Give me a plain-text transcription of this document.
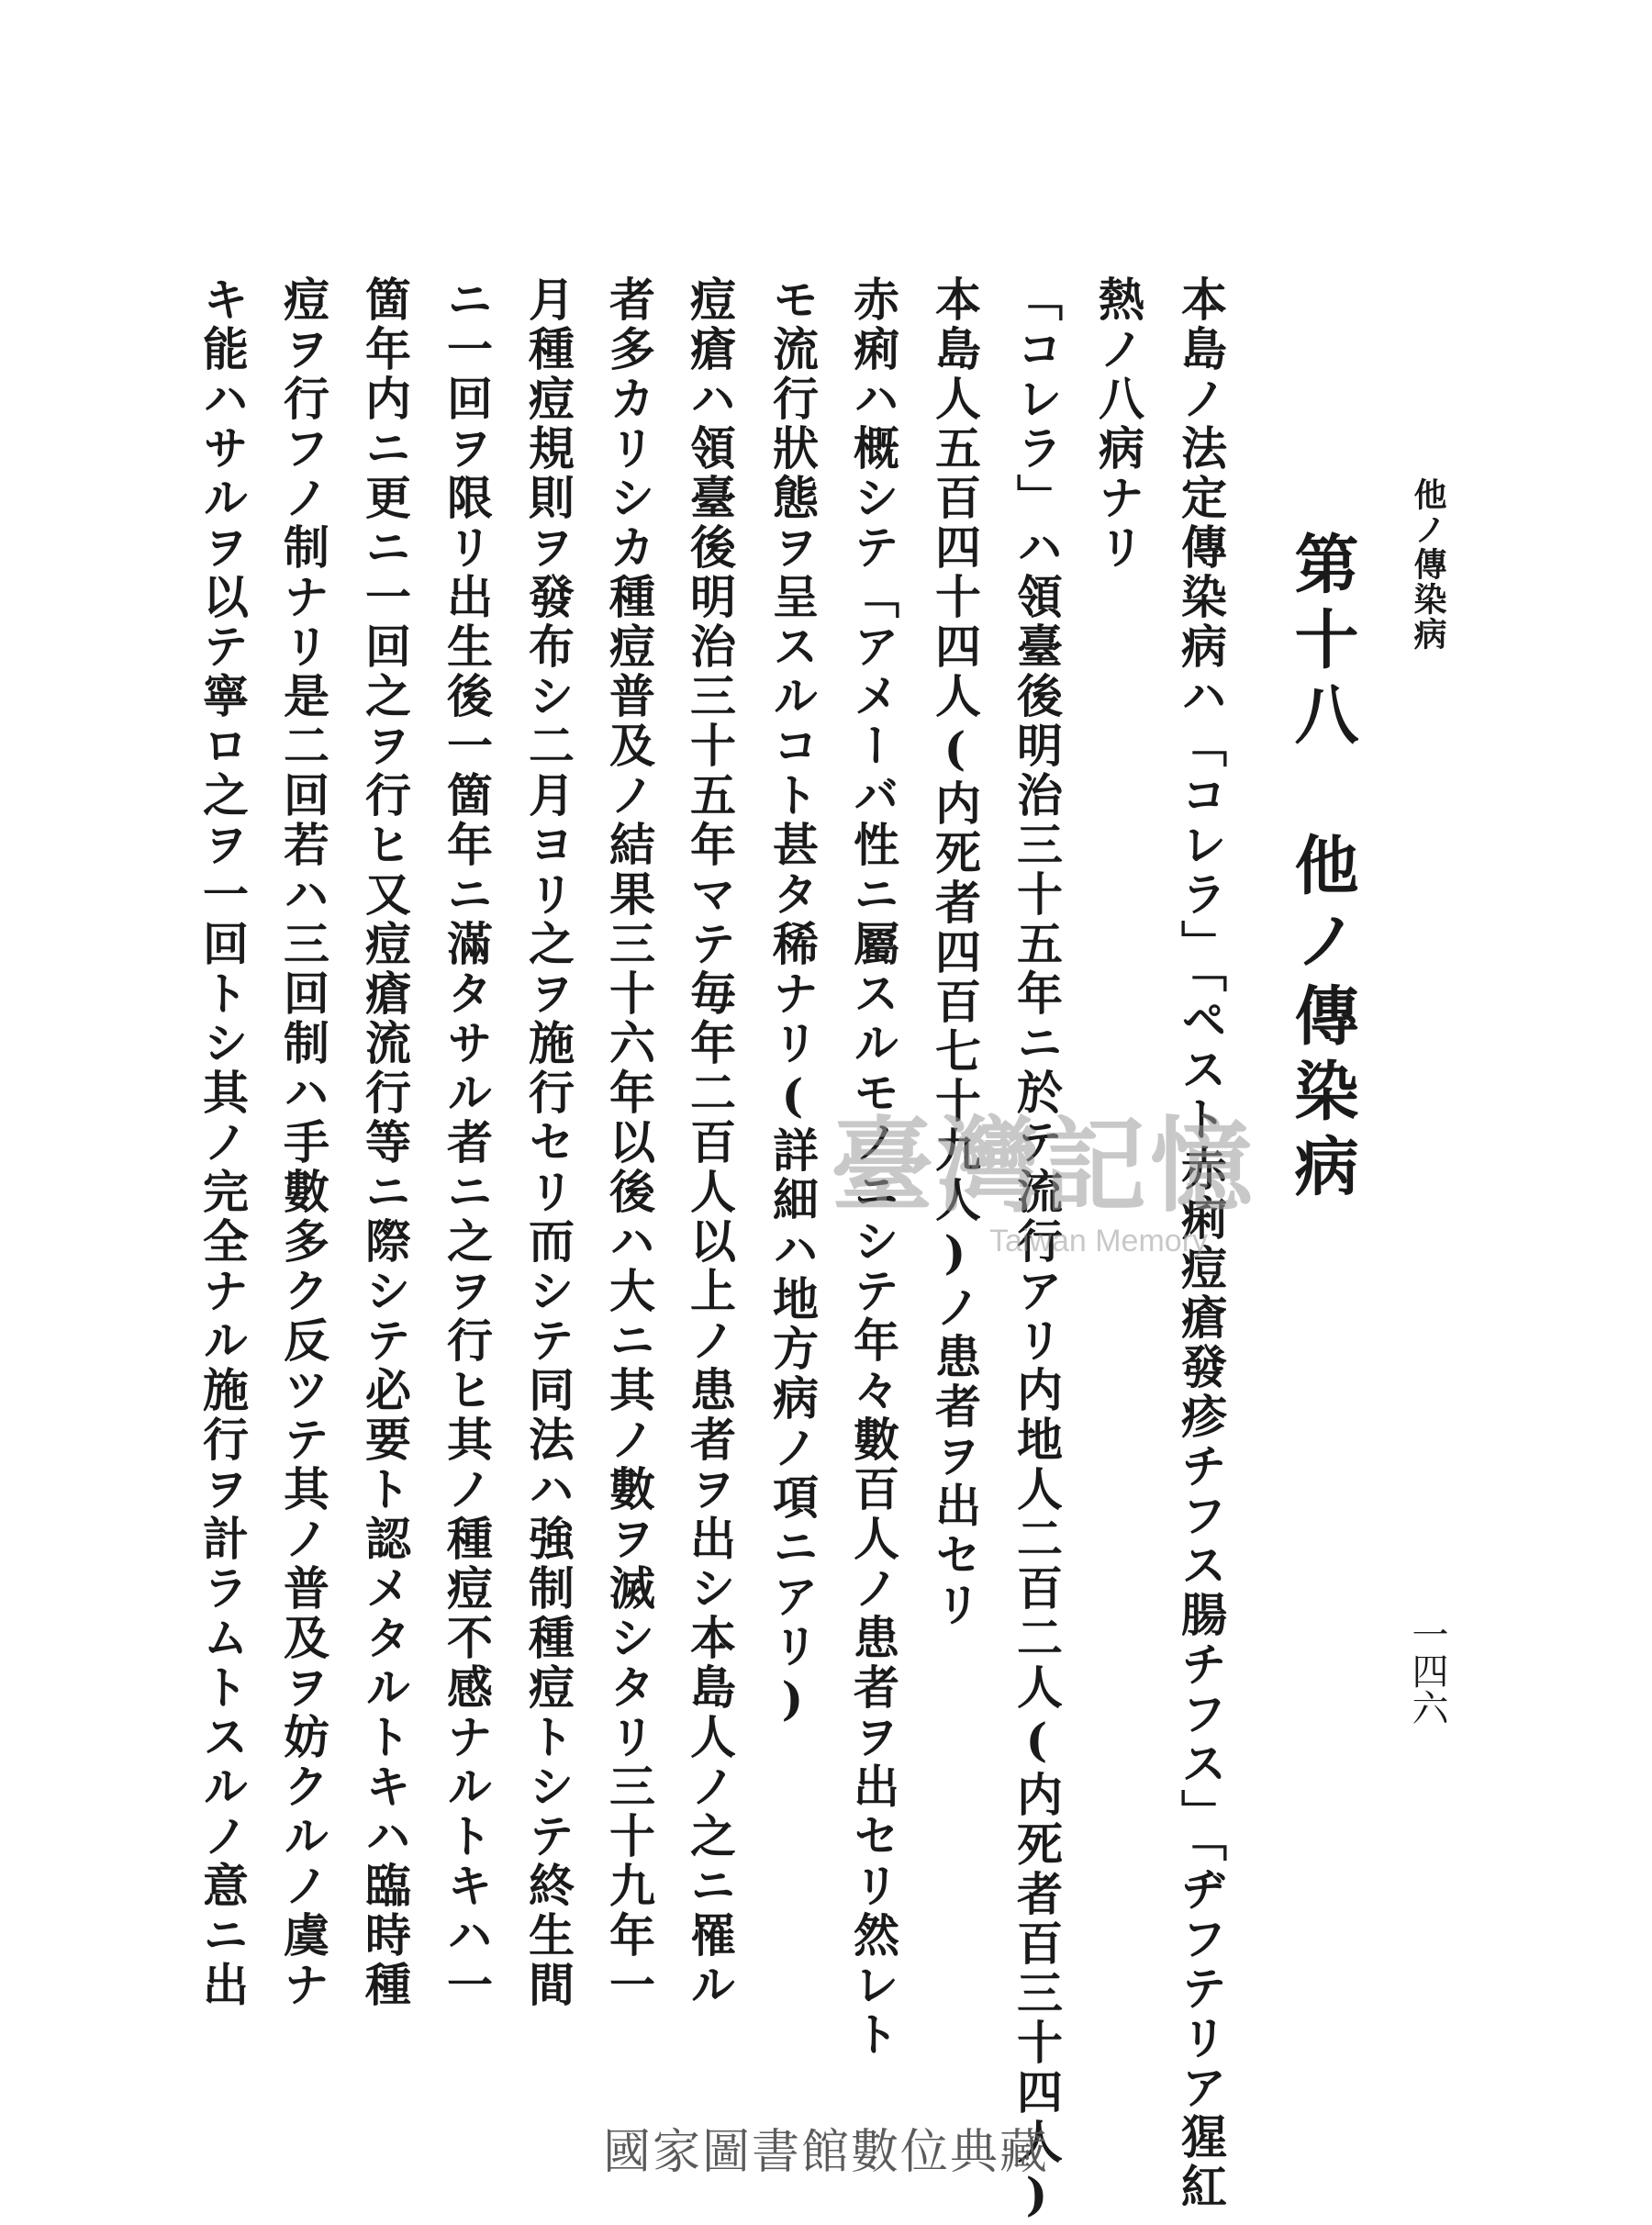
他ノ傳染病
一四六
第十八　他ノ傳染病
本島ノ法定傳染病ハ「コレラ」「ペスト赤痢痘瘡發疹チフス腸チフス」「ヂフテリア猩紅
熱ノ八病ナリ
「コレラ」ハ領臺後明治三十五年ニ於テ流行アリ内地人二百二人(内死者百三十四人)
本島人五百四十四人(内死者四百七十九人)ノ患者ヲ出セリ
赤痢ハ概シテ「アメーバ性ニ屬スルモノニシテ年々數百人ノ患者ヲ出セリ然レト
モ流行狀態ヲ呈スルコト甚タ稀ナリ(詳細ハ地方病ノ項ニアリ)
痘瘡ハ領臺後明治三十五年マテ毎年二百人以上ノ患者ヲ出シ本島人ノ之ニ罹ル
者多カリシカ種痘普及ノ結果三十六年以後ハ大ニ其ノ數ヲ滅シタリ三十九年一
月種痘規則ヲ發布シ二月ヨリ之ヲ施行セリ而シテ同法ハ強制種痘トシテ終生間
ニ一回ヲ限リ出生後一箇年ニ滿タサル者ニ之ヲ行ヒ其ノ種痘不感ナルトキハ一
箇年内ニ更ニ一回之ヲ行ヒ又痘瘡流行等ニ際シテ必要ト認メタルトキハ臨時種
痘ヲ行フノ制ナリ是二回若ハ三回制ハ手數多ク反ツテ其ノ普及ヲ妨クルノ虞ナ
キ能ハサルヲ以テ寧ロ之ヲ一回トシ其ノ完全ナル施行ヲ計ラムトスルノ意ニ出	臺灣記憶
Taiwan Memory
國家圖書館數位典藏
